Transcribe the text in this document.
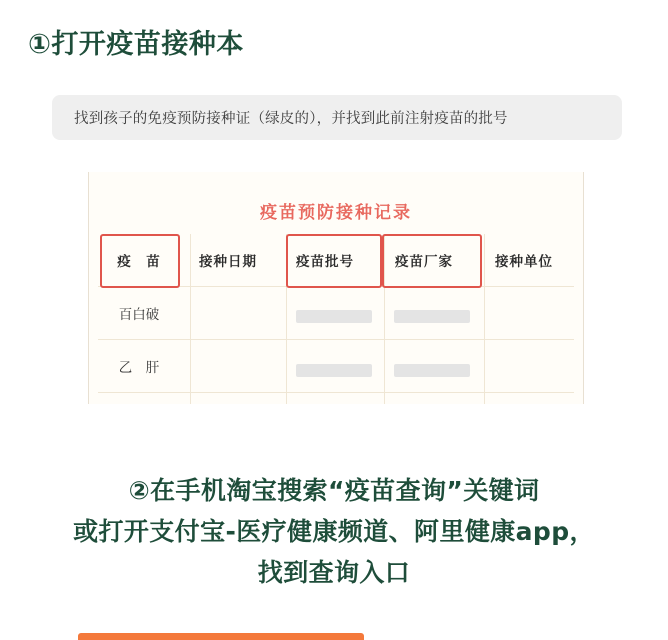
①打开疫苗接种本
找到孩子的免疫预防接种证（绿皮的），并找到此前注射疫苗的批号
疫苗预防接种记录
疫　苗	接种日期	疫苗批号	疫苗厂家	接种单位
百白破				
乙　肝				
②在手机淘宝搜索“疫苗查询”关键词
或打开支付宝-医疗健康频道、阿里健康app，
找到查询入口
